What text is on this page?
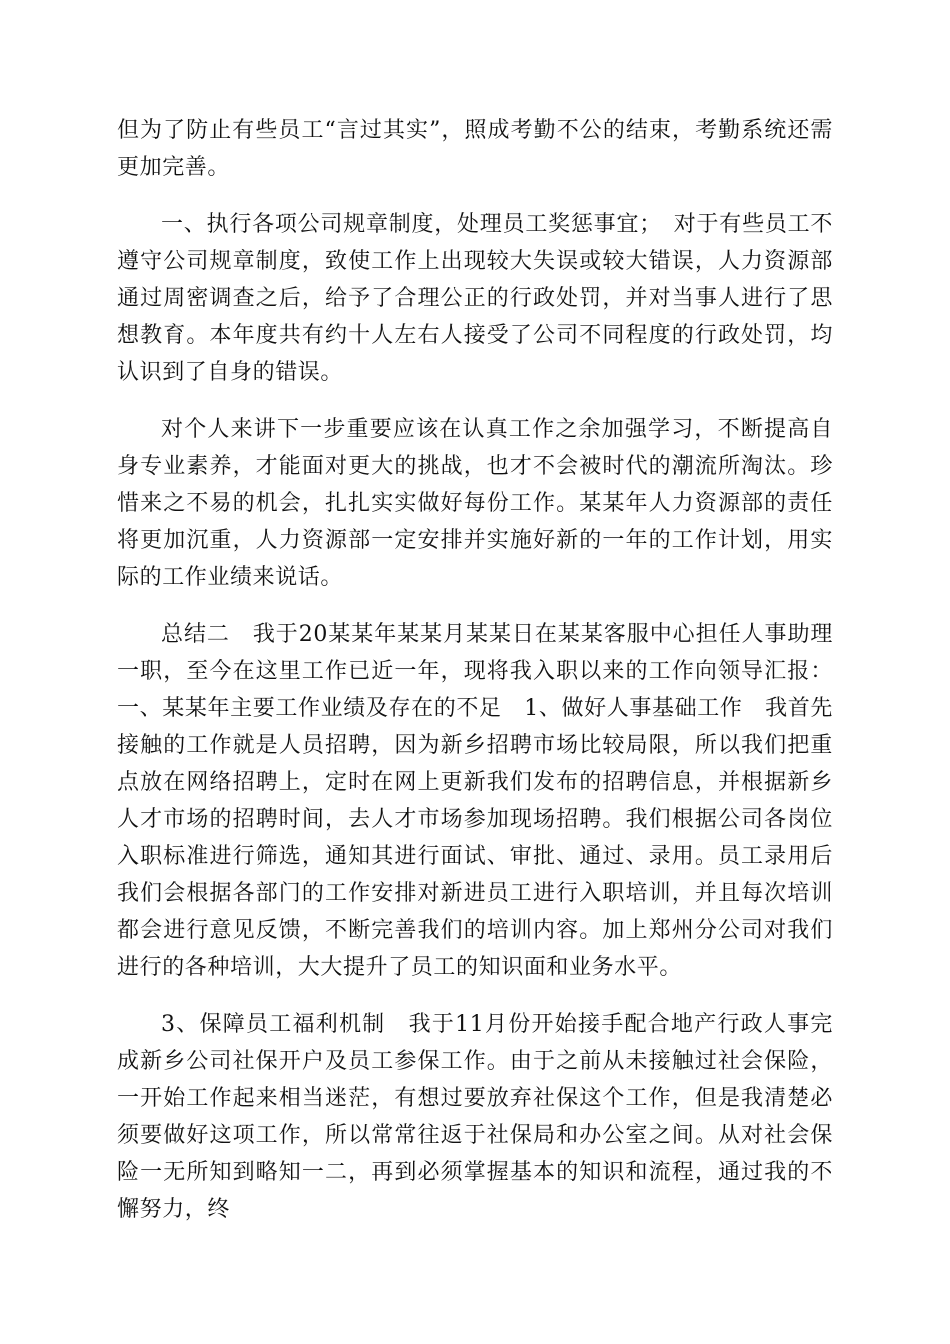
但为了防止有些员工“言过其实”，照成考勤不公的结束，考勤系统还需更加完善。

一、执行各项公司规章制度，处理员工奖惩事宜；　对于有些员工不遵守公司规章制度，致使工作上出现较大失误或较大错误，人力资源部通过周密调查之后，给予了合理公正的行政处罚，并对当事人进行了思想教育。本年度共有约十人左右人接受了公司不同程度的行政处罚，均认识到了自身的错误。

对个人来讲下一步重要应该在认真工作之余加强学习，不断提高自身专业素养，才能面对更大的挑战，也才不会被时代的潮流所淘汰。珍惜来之不易的机会，扎扎实实做好每份工作。某某年人力资源部的责任将更加沉重，人力资源部一定安排并实施好新的一年的工作计划，用实际的工作业绩来说话。

总结二　我于20某某年某某月某某日在某某客服中心担任人事助理一职，至今在这里工作已近一年，现将我入职以来的工作向领导汇报：一、某某年主要工作业绩及存在的不足　1、做好人事基础工作　我首先接触的工作就是人员招聘，因为新乡招聘市场比较局限，所以我们把重点放在网络招聘上，定时在网上更新我们发布的招聘信息，并根据新乡人才市场的招聘时间，去人才市场参加现场招聘。我们根据公司各岗位入职标准进行筛选，通知其进行面试、审批、通过、录用。员工录用后我们会根据各部门的工作安排对新进员工进行入职培训，并且每次培训都会进行意见反馈，不断完善我们的培训内容。加上郑州分公司对我们进行的各种培训，大大提升了员工的知识面和业务水平。

3、保障员工福利机制　我于11月份开始接手配合地产行政人事完成新乡公司社保开户及员工参保工作。由于之前从未接触过社会保险，一开始工作起来相当迷茫，有想过要放弃社保这个工作，但是我清楚必须要做好这项工作，所以常常往返于社保局和办公室之间。从对社会保险一无所知到略知一二，再到必须掌握基本的知识和流程，通过我的不懈努力，终
